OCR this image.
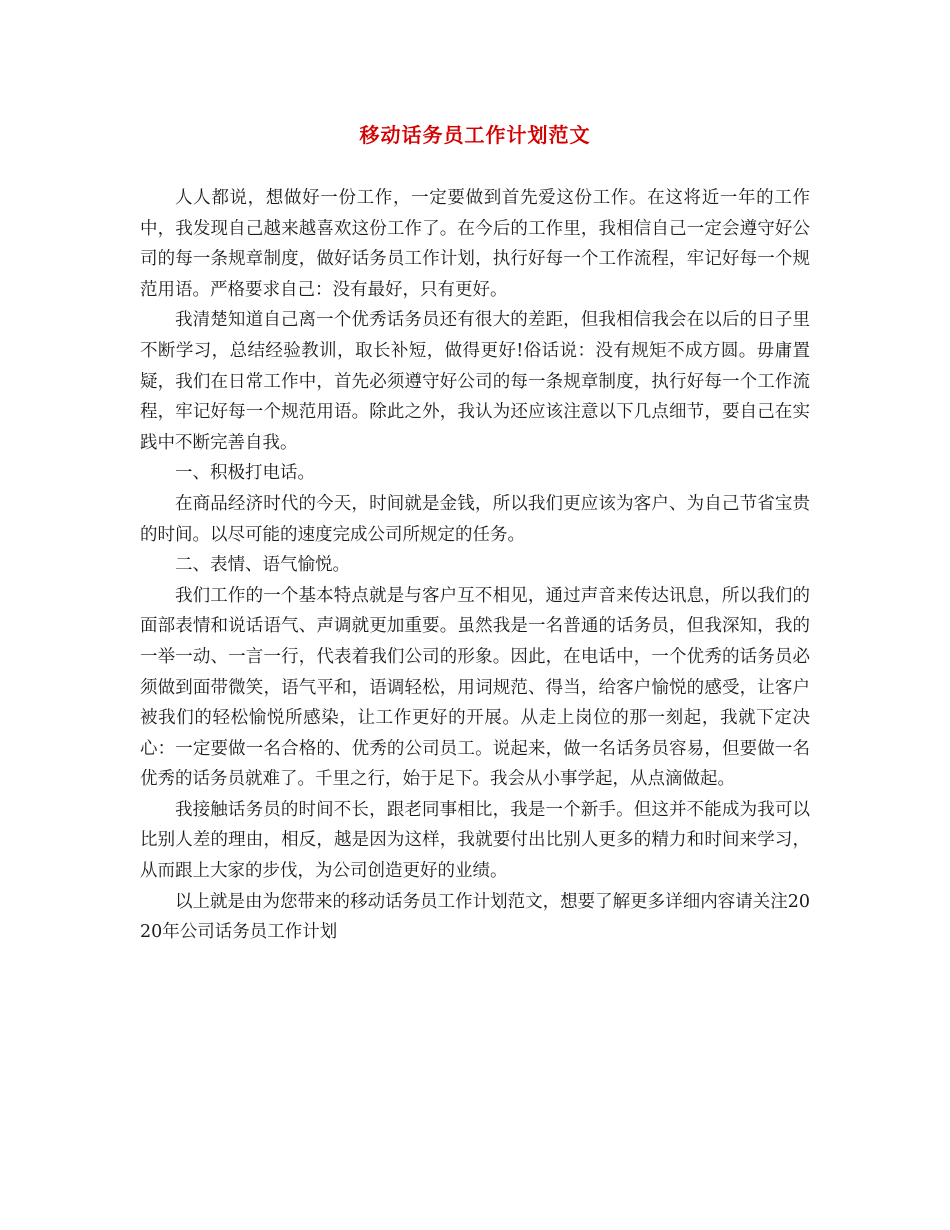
移动话务员工作计划范文

人人都说，想做好一份工作，一定要做到首先爱这份工作。在这将近一年的工作中，我发现自己越来越喜欢这份工作了。在今后的工作里，我相信自己一定会遵守好公司的每一条规章制度，做好话务员工作计划，执行好每一个工作流程，牢记好每一个规范用语。严格要求自己：没有最好，只有更好。

我清楚知道自己离一个优秀话务员还有很大的差距，但我相信我会在以后的日子里不断学习，总结经验教训，取长补短，做得更好!俗话说：没有规矩不成方圆。毋庸置疑，我们在日常工作中，首先必须遵守好公司的每一条规章制度，执行好每一个工作流程，牢记好每一个规范用语。除此之外，我认为还应该注意以下几点细节，要自己在实践中不断完善自我。

一、积极打电话。

在商品经济时代的今天，时间就是金钱，所以我们更应该为客户、为自己节省宝贵的时间。以尽可能的速度完成公司所规定的任务。

二、表情、语气愉悦。

我们工作的一个基本特点就是与客户互不相见，通过声音来传达讯息，所以我们的面部表情和说话语气、声调就更加重要。虽然我是一名普通的话务员，但我深知，我的一举一动、一言一行，代表着我们公司的形象。因此，在电话中，一个优秀的话务员必须做到面带微笑，语气平和，语调轻松，用词规范、得当，给客户愉悦的感受，让客户被我们的轻松愉悦所感染，让工作更好的开展。从走上岗位的那一刻起，我就下定决心：一定要做一名合格的、优秀的公司员工。说起来，做一名话务员容易，但要做一名优秀的话务员就难了。千里之行，始于足下。我会从小事学起，从点滴做起。

我接触话务员的时间不长，跟老同事相比，我是一个新手。但这并不能成为我可以比别人差的理由，相反，越是因为这样，我就要付出比别人更多的精力和时间来学习，从而跟上大家的步伐，为公司创造更好的业绩。

以上就是由为您带来的移动话务员工作计划范文，想要了解更多详细内容请关注2020年公司话务员工作计划
